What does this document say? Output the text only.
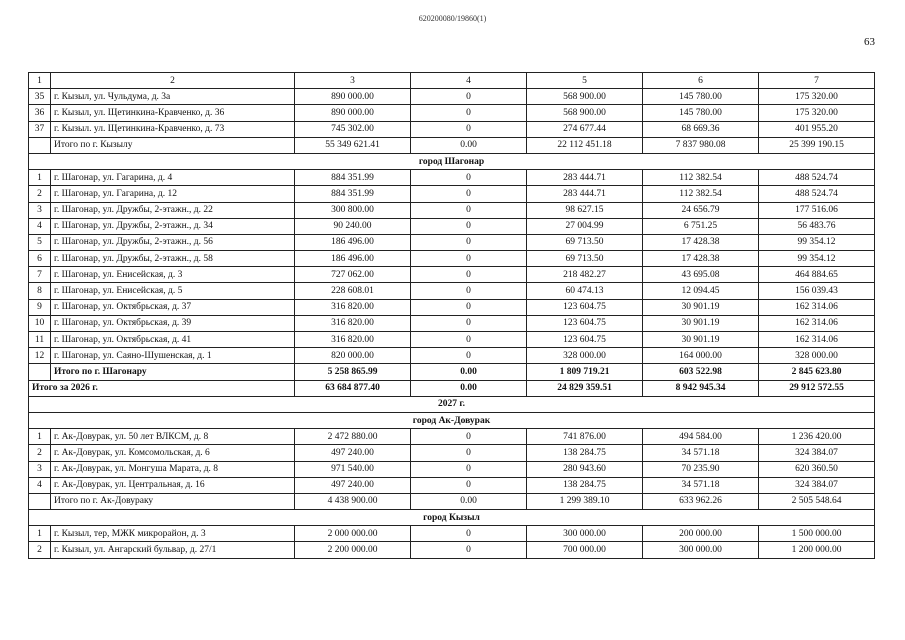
620200080/19860(1)
63
1	2	3	4	5	6	7
35	г. Кызыл, ул. Чульдума, д. 3а	890 000.00	0	568 900.00	145 780.00	175 320.00
36	г. Кызыл, ул. Щетинкина-Кравченко, д. 36	890 000.00	0	568 900.00	145 780.00	175 320.00
37	г. Кызыл. ул. Щетинкина-Кравченко, д. 73	745 302.00	0	274 677.44	68 669.36	401 955.20
	Итого по г. Кызылу	55 349 621.41	0.00	22 112 451.18	7 837 980.08	25 399 190.15
город Шагонар						
1	г. Шагонар, ул. Гагарина, д. 4	884 351.99	0	283 444.71	112 382.54	488 524.74
2	г. Шагонар, ул. Гагарина, д. 12	884 351.99	0	283 444.71	112 382.54	488 524.74
3	г. Шагонар, ул. Дружбы, 2-этажн., д. 22	300 800.00	0	98 627.15	24 656.79	177 516.06
4	г. Шагонар, ул. Дружбы, 2-этажн., д. 34	90 240.00	0	27 004.99	6 751.25	56 483.76
5	г. Шагонар, ул. Дружбы, 2-этажн., д. 56	186 496.00	0	69 713.50	17 428.38	99 354.12
6	г. Шагонар, ул. Дружбы, 2-этажн., д. 58	186 496.00	0	69 713.50	17 428.38	99 354.12
7	г. Шагонар, ул. Енисейская, д. 3	727 062.00	0	218 482.27	43 695.08	464 884.65
8	г. Шагонар, ул. Енисейская, д. 5	228 608.01	0	60 474.13	12 094.45	156 039.43
9	г. Шагонар, ул. Октябрьская, д. 37	316 820.00	0	123 604.75	30 901.19	162 314.06
10	г. Шагонар, ул. Октябрьская, д. 39	316 820.00	0	123 604.75	30 901.19	162 314.06
11	г. Шагонар, ул. Октябрьская, д. 41	316 820.00	0	123 604.75	30 901.19	162 314.06
12	г. Шагонар, ул. Саяно-Шушенская, д. 1	820 000.00	0	328 000.00	164 000.00	328 000.00
	Итого по г. Шагонару	5 258 865.99	0.00	1 809 719.21	603 522.98	2 845 623.80
Итого за 2026 г.		63 684 877.40	0.00	24 829 359.51	8 942 945.34	29 912 572.55
2027 г.						
город Ак-Довурак						
1	г. Ак-Довурак, ул. 50 лет ВЛКСМ, д. 8	2 472 880.00	0	741 876.00	494 584.00	1 236 420.00
2	г. Ак-Довурак, ул. Комсомольская, д. 6	497 240.00	0	138 284.75	34 571.18	324 384.07
3	г. Ак-Довурак, ул. Монгуша Марата, д. 8	971 540.00	0	280 943.60	70 235.90	620 360.50
4	г. Ак-Довурак, ул. Центральная, д. 16	497 240.00	0	138 284.75	34 571.18	324 384.07
	Итого по г. Ак-Довураку	4 438 900.00	0.00	1 299 389.10	633 962.26	2 505 548.64
город Кызыл						
1	г. Кызыл, тер, МЖК микрорайон, д. 3	2 000 000.00	0	300 000.00	200 000.00	1 500 000.00
2	г. Кызыл, ул. Ангарский бульвар, д. 27/1	2 200 000.00	0	700 000.00	300 000.00	1 200 000.00
